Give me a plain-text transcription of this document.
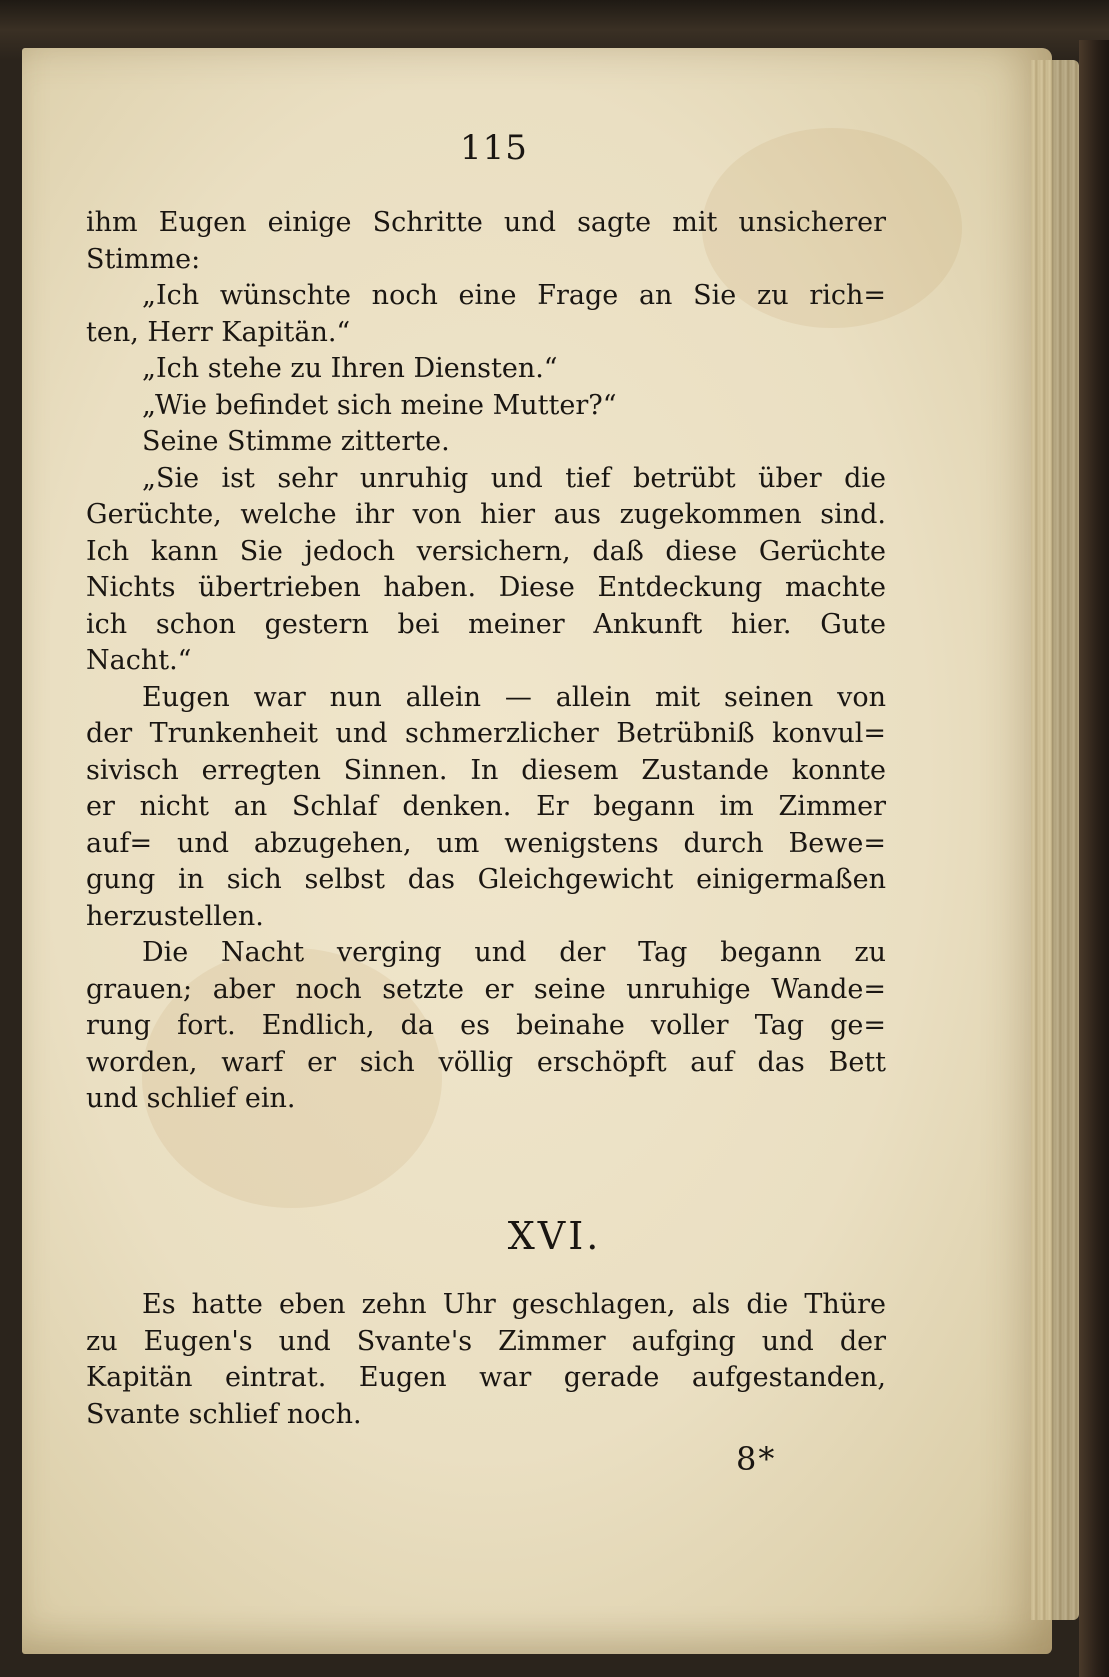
115
ihm Eugen einige Schritte und sagte mit unsicherer
Stimme:
„Ich wünschte noch eine Frage an Sie zu rich=
ten, Herr Kapitän.“
„Ich stehe zu Ihren Diensten.“
„Wie befindet sich meine Mutter?“
Seine Stimme zitterte.
„Sie ist sehr unruhig und tief betrübt über die
Gerüchte, welche ihr von hier aus zugekommen sind.
Ich kann Sie jedoch versichern, daß diese Gerüchte
Nichts übertrieben haben. Diese Entdeckung machte
ich schon gestern bei meiner Ankunft hier. Gute
Nacht.“
Eugen war nun allein — allein mit seinen von
der Trunkenheit und schmerzlicher Betrübniß konvul=
sivisch erregten Sinnen. In diesem Zustande konnte
er nicht an Schlaf denken. Er begann im Zimmer
auf= und abzugehen, um wenigstens durch Bewe=
gung in sich selbst das Gleichgewicht einigermaßen
herzustellen.
Die Nacht verging und der Tag begann zu
grauen; aber noch setzte er seine unruhige Wande=
rung fort. Endlich, da es beinahe voller Tag ge=
worden, warf er sich völlig erschöpft auf das Bett
und schlief ein.
XVI.
Es hatte eben zehn Uhr geschlagen, als die Thüre
zu Eugen's und Svante's Zimmer aufging und der
Kapitän eintrat. Eugen war gerade aufgestanden,
Svante schlief noch.
8*
